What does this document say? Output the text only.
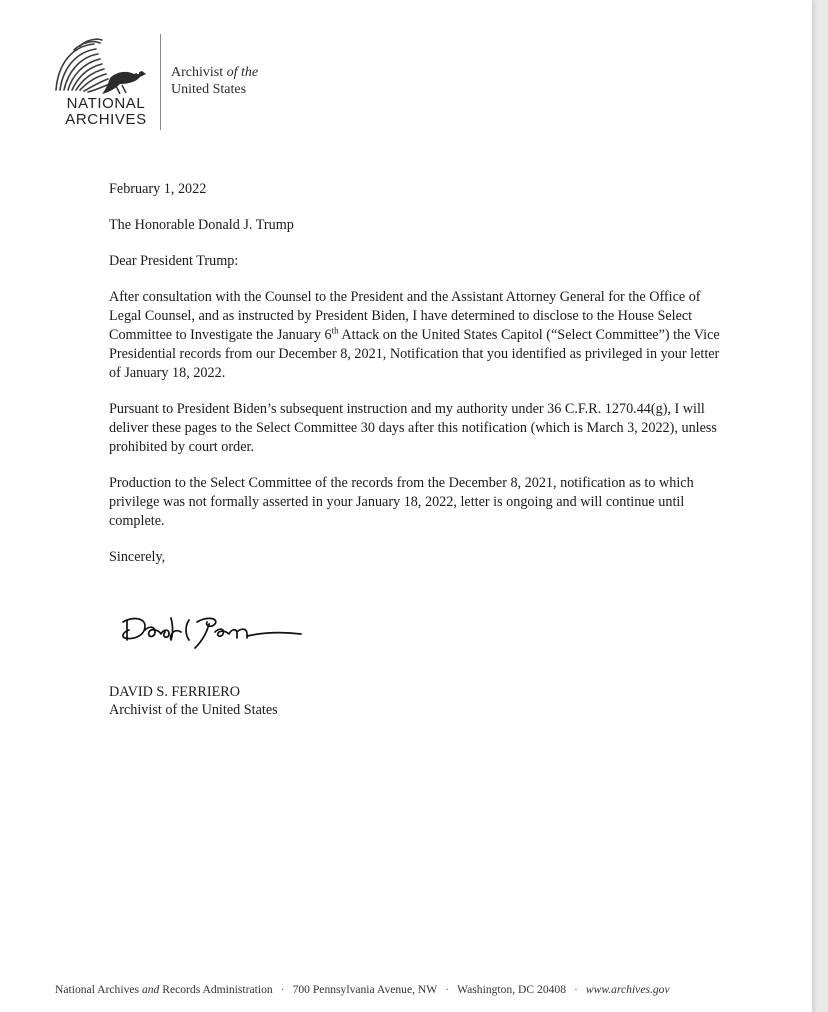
NATIONAL
ARCHIVES
Archivist of the
United States

February 1, 2022

The Honorable Donald J. Trump

Dear President Trump:

After consultation with the Counsel to the President and the Assistant Attorney General for the Office of Legal Counsel, and as instructed by President Biden, I have determined to disclose to the House Select Committee to Investigate the January 6th Attack on the United States Capitol (“Select Committee”) the Vice Presidential records from our December 8, 2021, Notification that you identified as privileged in your letter of January 18, 2022.

Pursuant to President Biden’s subsequent instruction and my authority under 36 C.F.R. 1270.44(g), I will deliver these pages to the Select Committee 30 days after this notification (which is March 3, 2022), unless prohibited by court order.

Production to the Select Committee of the records from the December 8, 2021, notification as to which privilege was not formally asserted in your January 18, 2022, letter is ongoing and will continue until complete.

Sincerely,

DAVID S. FERRIERO
Archivist of the United States
National Archives and Records Administration · 700 Pennsylvania Avenue, NW · Washington, DC 20408 · www.archives.gov
